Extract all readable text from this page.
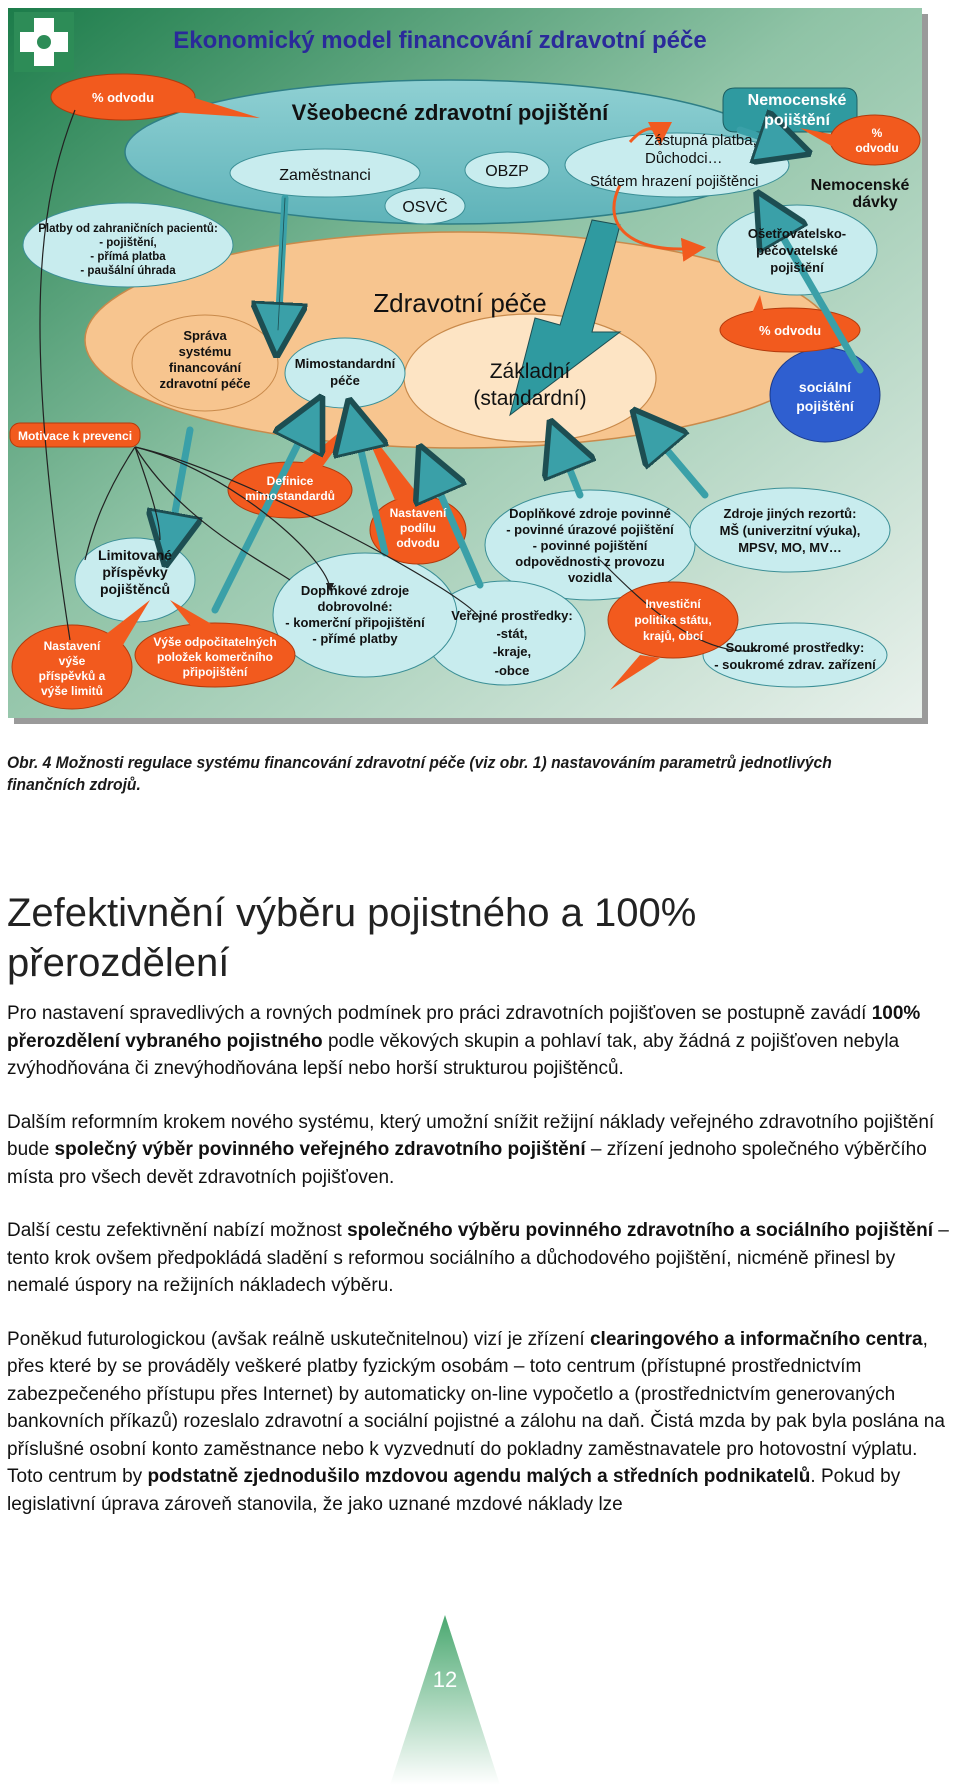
Ekonomický model financování zdravotní péče
% odvodu
Všeobecné zdravotní pojištění
Zaměstnanci
OSVČ
OBZP
Zástupná platba,
Důchodci…
Státem hrazení pojištěnci
Zdravotní péče
Základní
(standardní)
Mimostandardní
péče
Správa
systému
financování
zdravotní péče
Platby od zahraničních pacientů:
- pojištění,
- přímá platba
- paušální úhrada
Motivace k prevenci
Nemocenské
pojištění
%
odvodu
Nemocenské
dávky
Ošetřovatelsko-
pečovatelské
pojištění
% odvodu
sociální
pojištění
Definice
mimostandardů
Nastavení
podílu
odvodu
Limitované
příspěvky
pojištěnců
Nastavení
výše
příspěvků a
výše limitů
Výše odpočitatelných
položek komerčního
připojištění
Doplňkové zdroje
dobrovolné:
- komerční připojištění
- přímé platby
Doplňkové zdroje povinné
- povinné úrazové pojištění
- povinné pojištění
odpovědnosti z provozu
vozidla
Veřejné prostředky:
-stát,
-kraje,
-obce
Investiční
politika státu,
krajů, obcí
Zdroje jiných rezortů:
MŠ (univerzitní výuka),
MPSV, MO, MV…
Soukromé prostředky:
- soukromé zdrav. zařízení
Obr. 4 Možnosti regulace systému financování zdravotní péče (viz obr. 1) nastavováním parametrů jednotlivých finančních zdrojů.
Zefektivnění výběru pojistného a 100%
přerozdělení

Pro nastavení spravedlivých a rovných podmínek pro práci zdravotních pojišťoven se postupně zavádí 100% přerozdělení vybraného pojistného podle věkových skupin a pohlaví tak, aby žádná z pojišťoven nebyla zvýhodňována či znevýhodňována lepší nebo horší strukturou pojištěnců.

Dalším reformním krokem nového systému, který umožní snížit režijní náklady veřejného zdravotního pojištění bude společný výběr povinného veřejného zdravotního pojištění – zřízení jednoho společného výběrčího místa pro všech devět zdravotních pojišťoven.

Další cestu zefektivnění nabízí možnost společného výběru povinného zdravotního a sociálního pojištění – tento krok ovšem předpokládá sladění s reformou sociálního a důchodového pojištění, nicméně přinesl by nemalé úspory na režijních nákladech výběru.

Poněkud futurologickou (avšak reálně uskutečnitelnou) vizí je zřízení clearingového a informačního centra, přes které by se prováděly veškeré platby fyzickým osobám – toto centrum (přístupné prostřednictvím zabezpečeného přístupu přes Internet) by automaticky on-line vypočetlo a (prostřednictvím generovaných bankovních příkazů) rozeslalo zdravotní a sociální pojistné a zálohu na daň. Čistá mzda by pak byla poslána na příslušné osobní konto zaměstnance nebo k vyzvednutí do pokladny zaměstnavatele pro hotovostní výplatu. Toto centrum by podstatně zjednodušilo mzdovou agendu malých a středních podnikatelů. Pokud by legislativní úprava zároveň stanovila, že jako uznané mzdové náklady lze

12
